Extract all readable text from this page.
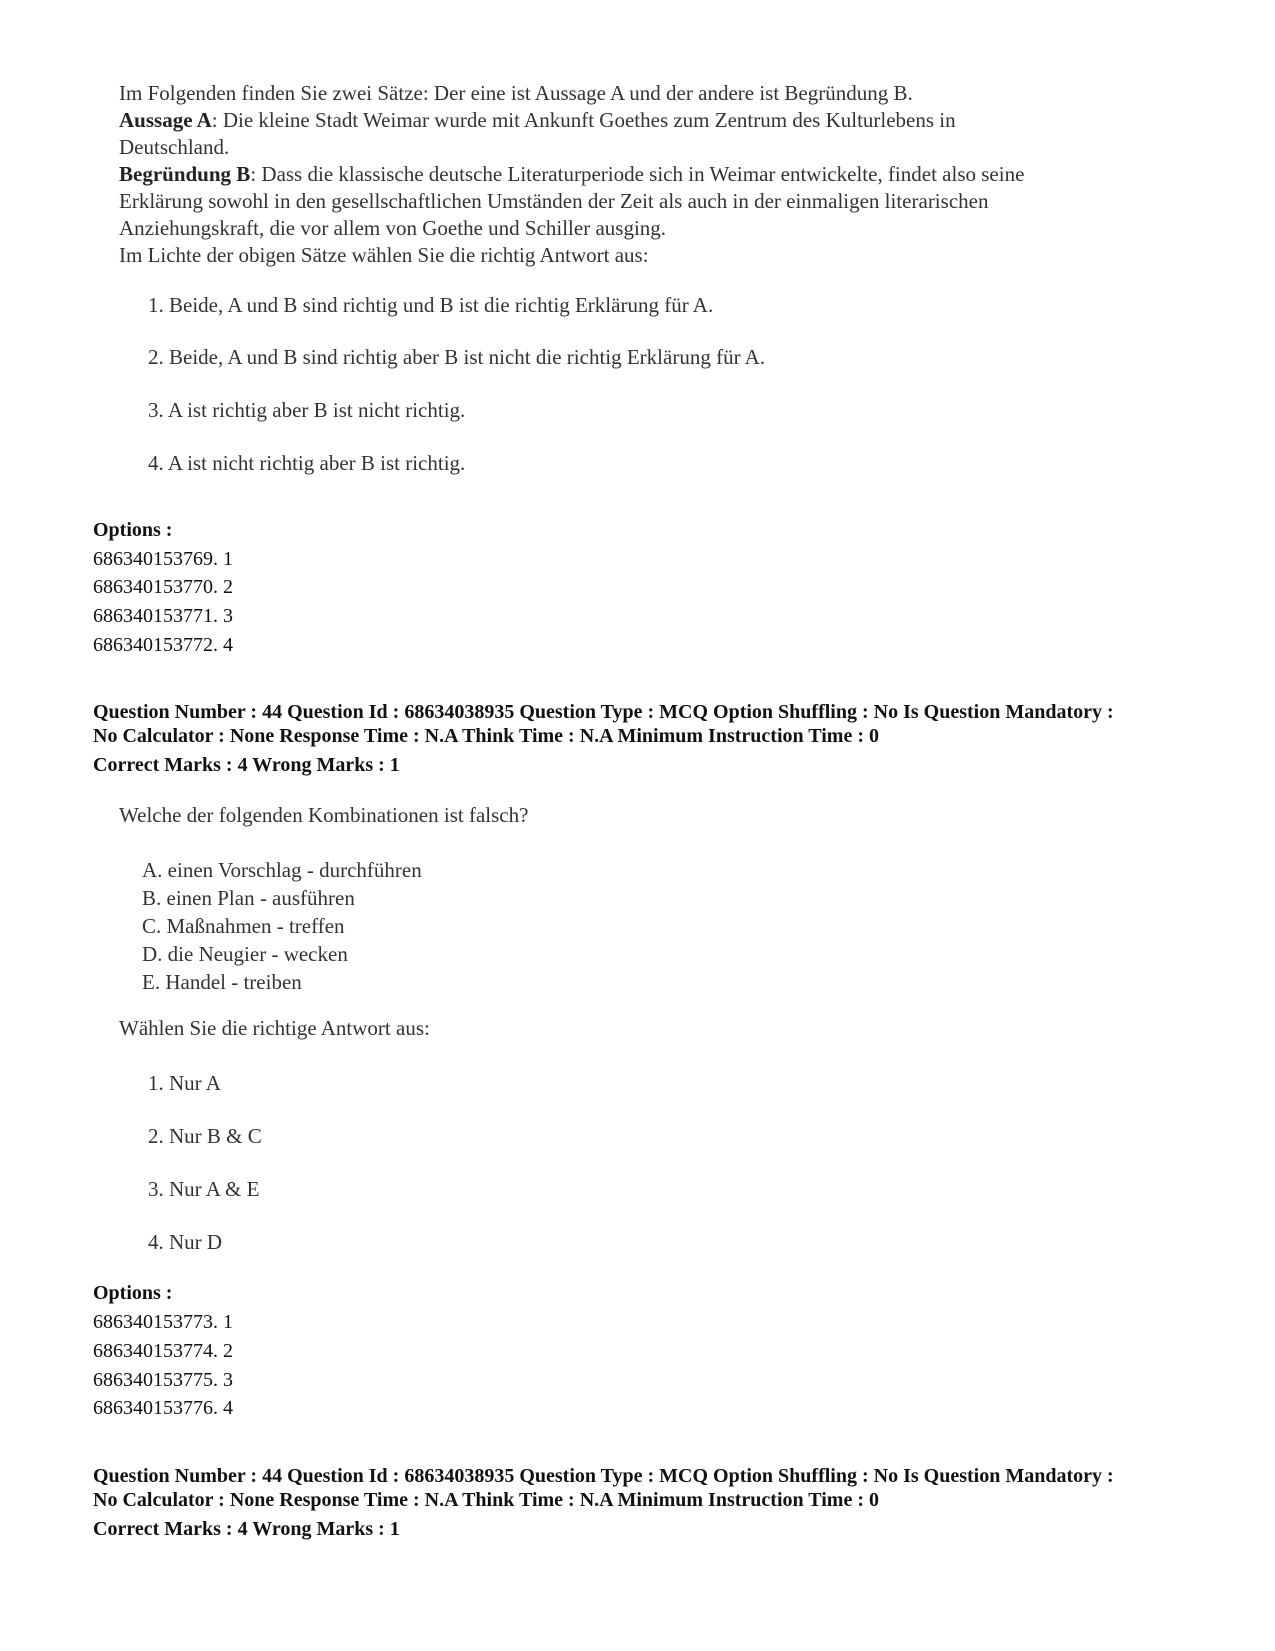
Im Folgenden finden Sie zwei Sätze: Der eine ist Aussage A und der andere ist Begründung B.
Aussage A: Die kleine Stadt Weimar wurde mit Ankunft Goethes zum Zentrum des Kulturlebens in
Deutschland.
Begründung B: Dass die klassische deutsche Literaturperiode sich in Weimar entwickelte, findet also seine
Erklärung sowohl in den gesellschaftlichen Umständen der Zeit als auch in der einmaligen literarischen
Anziehungskraft, die vor allem von Goethe und Schiller ausging.
Im Lichte der obigen Sätze wählen Sie die richtig Antwort aus:
1. Beide, A und B sind richtig und B ist die richtig Erklärung für A.
2. Beide, A und B sind richtig aber B ist nicht die richtig Erklärung für A.
3. A ist richtig aber B ist nicht richtig.
4. A ist nicht richtig aber B ist richtig.
Options :
686340153769. 1
686340153770. 2
686340153771. 3
686340153772. 4
Question Number : 44 Question Id : 68634038935 Question Type : MCQ Option Shuffling : No Is Question Mandatory :
No Calculator : None Response Time : N.A Think Time : N.A Minimum Instruction Time : 0
Correct Marks : 4 Wrong Marks : 1
Welche der folgenden Kombinationen ist falsch?
A. einen Vorschlag - durchführen
B. einen Plan - ausführen
C. Maßnahmen - treffen
D. die Neugier - wecken
E. Handel - treiben
Wählen Sie die richtige Antwort aus:
1. Nur A
2. Nur B & C
3. Nur A & E
4. Nur D
Options :
686340153773. 1
686340153774. 2
686340153775. 3
686340153776. 4
Question Number : 44 Question Id : 68634038935 Question Type : MCQ Option Shuffling : No Is Question Mandatory :
No Calculator : None Response Time : N.A Think Time : N.A Minimum Instruction Time : 0
Correct Marks : 4 Wrong Marks : 1
